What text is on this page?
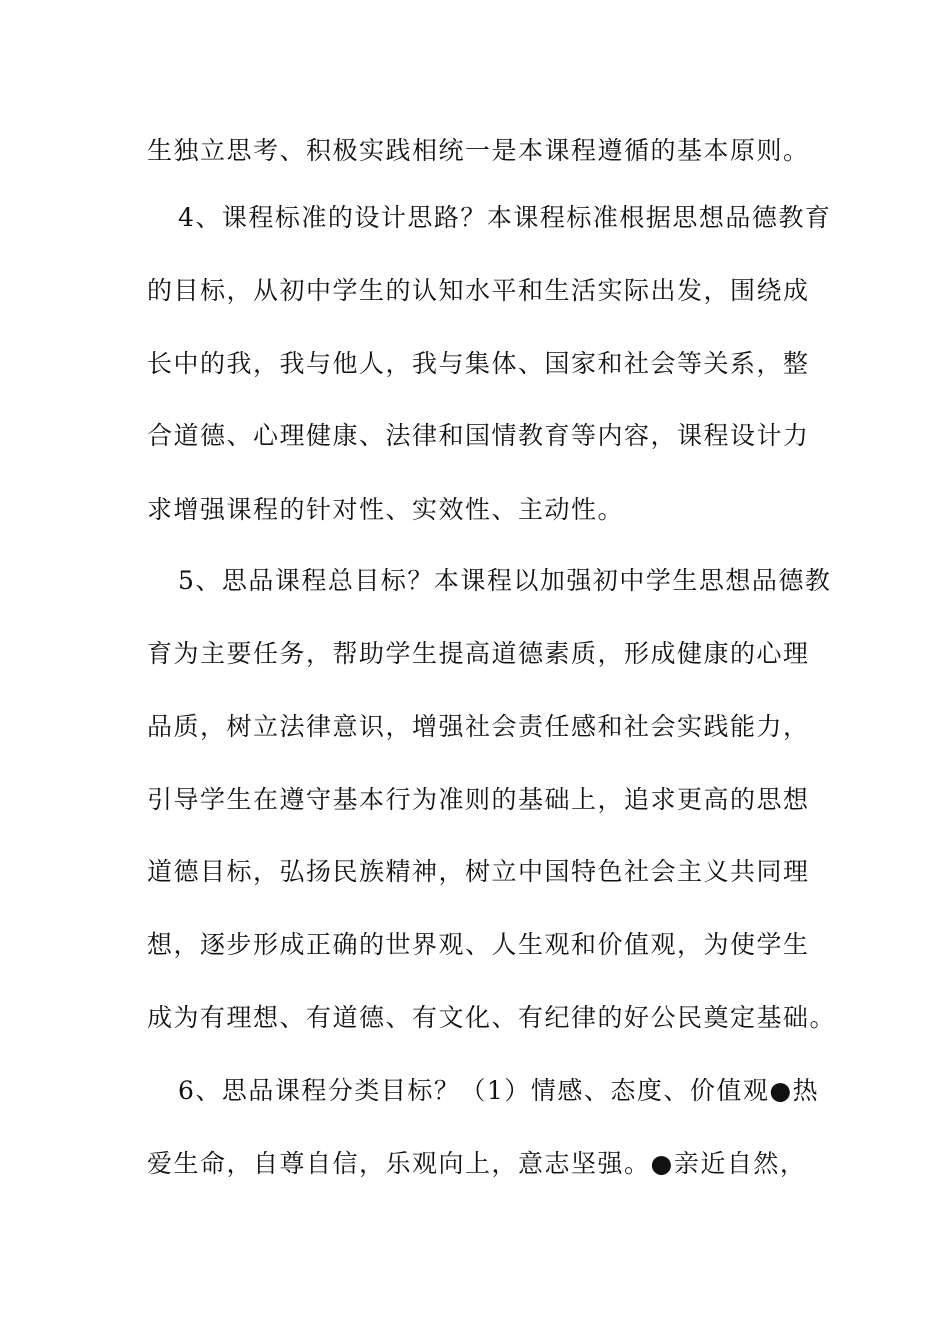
生独立思考、积极实践相统一是本课程遵循的基本原则。
4、课程标准的设计思路？本课程标准根据思想品德教育
的目标，从初中学生的认知水平和生活实际出发，围绕成
长中的我，我与他人，我与集体、国家和社会等关系，整
合道德、心理健康、法律和国情教育等内容，课程设计力
求增强课程的针对性、实效性、主动性。
5、思品课程总目标？本课程以加强初中学生思想品德教
育为主要任务，帮助学生提高道德素质，形成健康的心理
品质，树立法律意识，增强社会责任感和社会实践能力，
引导学生在遵守基本行为准则的基础上，追求更高的思想
道德目标，弘扬民族精神，树立中国特色社会主义共同理
想，逐步形成正确的世界观、人生观和价值观，为使学生
成为有理想、有道德、有文化、有纪律的好公民奠定基础。
6、思品课程分类目标？（1）情感、态度、价值观●热
爱生命，自尊自信，乐观向上，意志坚强。●亲近自然，
